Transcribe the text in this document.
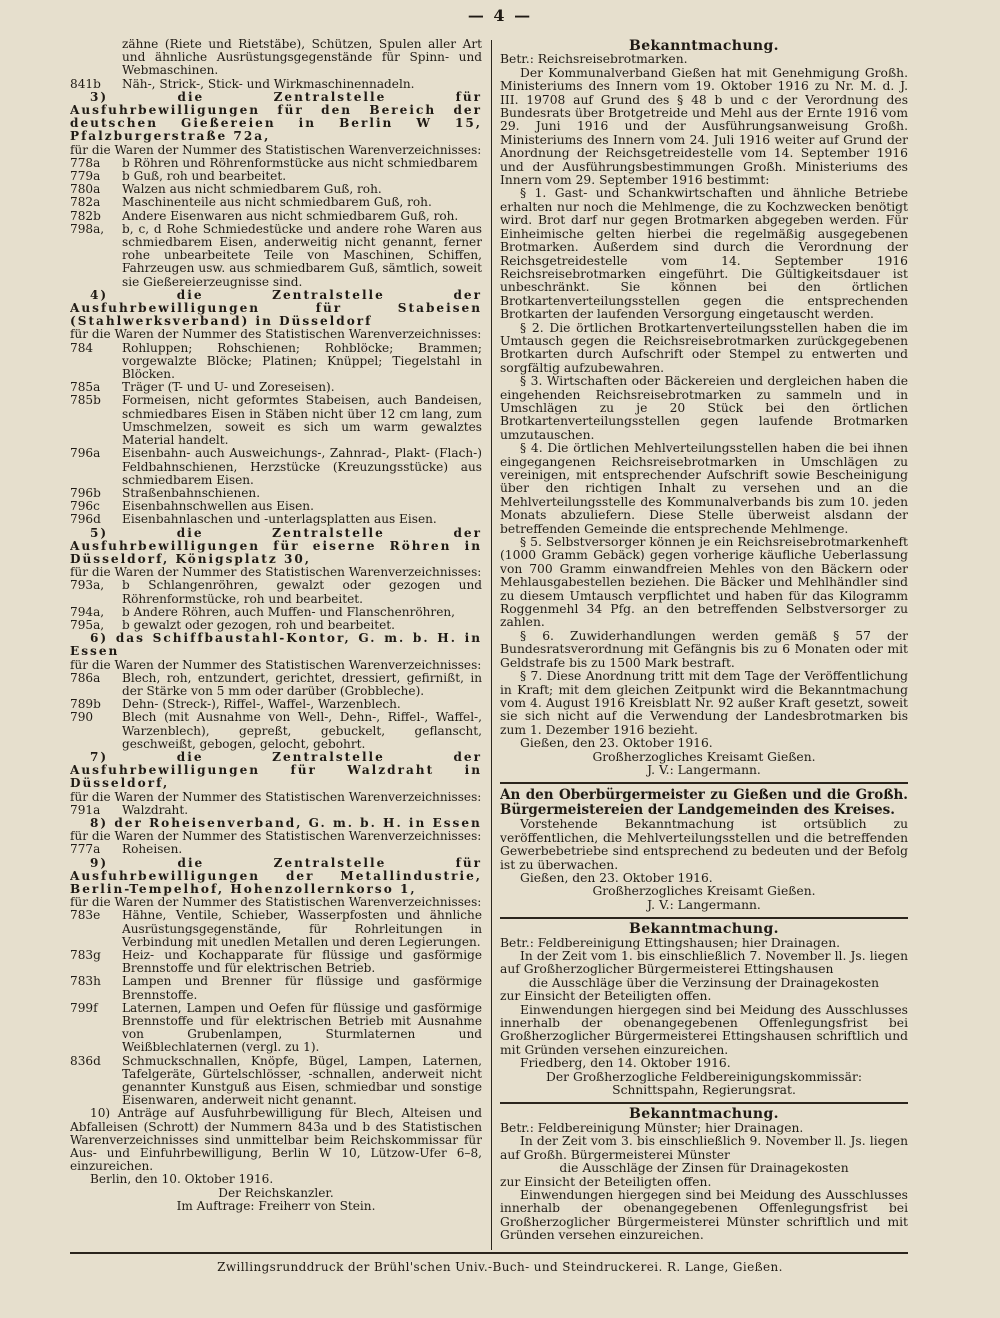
— 4 —

zähne (Riete und Rietstäbe), Schützen, Spulen aller Art und ähnliche Ausrüstungsgegenstände für Spinn- und Webmaschinen.

841b	Näh-, Strick-, Stick- und Wirkmaschinennadeln.

3) die Zentralstelle für Ausfuhrbewilligungen für den Bereich der deutschen Gießereien in Berlin W 15, Pfalzburgerstraße 72a,

für die Waren der Nummer des Statistischen Warenverzeichnisses:

778a	b Röhren und Röhrenformstücke aus nicht schmiedbarem
779a	b Guß, roh und bearbeitet.
780a	Walzen aus nicht schmiedbarem Guß, roh.
782a	Maschinenteile aus nicht schmiedbarem Guß, roh.
782b	Andere Eisenwaren aus nicht schmiedbarem Guß, roh.
798a,	b, c, d Rohe Schmiedestücke und andere rohe Waren aus schmiedbarem Eisen, anderweitig nicht genannt, ferner rohe unbearbeitete Teile von Maschinen, Schiffen, Fahrzeugen usw. aus schmiedbarem Guß, sämtlich, soweit sie Gießereierzeugnisse sind.

4) die Zentralstelle der Ausfuhrbewilligungen für Stabeisen (Stahlwerksverband) in Düsseldorf

für die Waren der Nummer des Statistischen Warenverzeichnisses:

784	Rohluppen; Rohschienen; Rohblöcke; Brammen; vorgewalzte Blöcke; Platinen; Knüppel; Tiegelstahl in Blöcken.
785a	Träger (T- und U- und Zoreseisen).
785b	Formeisen, nicht geformtes Stabeisen, auch Bandeisen, schmiedbares Eisen in Stäben nicht über 12 cm lang, zum Umschmelzen, soweit es sich um warm gewalztes Material handelt.
796a	Eisenbahn- auch Ausweichungs-, Zahnrad-, Plakt- (Flach-) Feldbahnschienen, Herzstücke (Kreuzungsstücke) aus schmiedbarem Eisen.
796b	Straßenbahnschienen.
796c	Eisenbahnschwellen aus Eisen.
796d	Eisenbahnlaschen und -unterlagsplatten aus Eisen.

5) die Zentralstelle der Ausfuhrbewilligungen für eiserne Röhren in Düsseldorf, Königsplatz 30,

für die Waren der Nummer des Statistischen Warenverzeichnisses:

793a,	b Schlangenröhren, gewalzt oder gezogen und Röhrenformstücke, roh und bearbeitet.
794a,	b Andere Röhren, auch Muffen- und Flanschenröhren,
795a,	b gewalzt oder gezogen, roh und bearbeitet.

6) das Schiffbaustahl-Kontor, G. m. b. H. in Essen

für die Waren der Nummer des Statistischen Warenverzeichnisses:

786a	Blech, roh, entzundert, gerichtet, dressiert, gefirnißt, in der Stärke von 5 mm oder darüber (Grobbleche).
789b	Dehn- (Streck-), Riffel-, Waffel-, Warzenblech.
790	Blech (mit Ausnahme von Well-, Dehn-, Riffel-, Waffel-, Warzenblech), gepreßt, gebuckelt, geflanscht, geschweißt, gebogen, gelocht, gebohrt.

7) die Zentralstelle der Ausfuhrbewilligungen für Walzdraht in Düsseldorf,

für die Waren der Nummer des Statistischen Warenverzeichnisses:

791a	Walzdraht.

8) der Roheisenverband, G. m. b. H. in Essen

für die Waren der Nummer des Statistischen Warenverzeichnisses:

777a	Roheisen.

9) die Zentralstelle für Ausfuhrbewilligungen der Metallindustrie, Berlin-Tempelhof, Hohenzollernkorso 1,

für die Waren der Nummer des Statistischen Warenverzeichnisses:

783e	Hähne, Ventile, Schieber, Wasserpfosten und ähnliche Ausrüstungsgegenstände, für Rohrleitungen in Verbindung mit unedlen Metallen und deren Legierungen.
783g	Heiz- und Kochapparate für flüssige und gasförmige Brennstoffe und für elektrischen Betrieb.
783h	Lampen und Brenner für flüssige und gasförmige Brennstoffe.
799f	Laternen, Lampen und Oefen für flüssige und gasförmige Brennstoffe und für elektrischen Betrieb mit Ausnahme von Grubenlampen, Sturmlaternen und Weißblechlaternen (vergl. zu 1).
836d	Schmuckschnallen, Knöpfe, Bügel, Lampen, Laternen, Tafelgeräte, Gürtelschlösser, -schnallen, anderweit nicht genannter Kunstguß aus Eisen, schmiedbar und sonstige Eisenwaren, anderweit nicht genannt.

10) Anträge auf Ausfuhrbewilligung für Blech, Alteisen und Abfalleisen (Schrott) der Nummern 843a und b des Statistischen Warenverzeichnisses sind unmittelbar beim Reichskommissar für Aus- und Einfuhrbewilligung, Berlin W 10, Lützow-Ufer 6–8, einzureichen.

Berlin, den 10. Oktober 1916.

Der Reichskanzler.

Im Auftrage: Freiherr von Stein.

Bekanntmachung.

Betr.: Reichsreisebrotmarken.

Der Kommunalverband Gießen hat mit Genehmigung Großh. Ministeriums des Innern vom 19. Oktober 1916 zu Nr. M. d. J. III. 19708 auf Grund des § 48 b und c der Verordnung des Bundesrats über Brotgetreide und Mehl aus der Ernte 1916 vom 29. Juni 1916 und der Ausführungsanweisung Großh. Ministeriums des Innern vom 24. Juli 1916 weiter auf Grund der Anordnung der Reichsgetreidestelle vom 14. September 1916 und der Ausführungsbestimmungen Großh. Ministeriums des Innern vom 29. September 1916 bestimmt:

§ 1. Gast- und Schankwirtschaften und ähnliche Betriebe erhalten nur noch die Mehlmenge, die zu Kochzwecken benötigt wird. Brot darf nur gegen Brotmarken abgegeben werden. Für Einheimische gelten hierbei die regelmäßig ausgegebenen Brotmarken. Außerdem sind durch die Verordnung der Reichsgetreidestelle vom 14. September 1916 Reichsreisebrotmarken eingeführt. Die Gültigkeitsdauer ist unbeschränkt. Sie können bei den örtlichen Brotkartenverteilungsstellen gegen die entsprechenden Brotkarten der laufenden Versorgung eingetauscht werden.

§ 2. Die örtlichen Brotkartenverteilungsstellen haben die im Umtausch gegen die Reichsreisebrotmarken zurückgegebenen Brotkarten durch Aufschrift oder Stempel zu entwerten und sorgfältig aufzubewahren.

§ 3. Wirtschaften oder Bäckereien und dergleichen haben die eingehenden Reichsreisebrotmarken zu sammeln und in Umschlägen zu je 20 Stück bei den örtlichen Brotkartenverteilungsstellen gegen laufende Brotmarken umzutauschen.

§ 4. Die örtlichen Mehlverteilungsstellen haben die bei ihnen eingegangenen Reichsreisebrotmarken in Umschlägen zu vereinigen, mit entsprechender Aufschrift sowie Bescheinigung über den richtigen Inhalt zu versehen und an die Mehlverteilungsstelle des Kommunalverbands bis zum 10. jeden Monats abzuliefern. Diese Stelle überweist alsdann der betreffenden Gemeinde die entsprechende Mehlmenge.

§ 5. Selbstversorger können je ein Reichsreisebrotmarkenheft (1000 Gramm Gebäck) gegen vorherige käufliche Ueberlassung von 700 Gramm einwandfreien Mehles von den Bäckern oder Mehlausgabestellen beziehen. Die Bäcker und Mehlhändler sind zu diesem Umtausch verpflichtet und haben für das Kilogramm Roggenmehl 34 Pfg. an den betreffenden Selbstversorger zu zahlen.

§ 6. Zuwiderhandlungen werden gemäß § 57 der Bundesratsverordnung mit Gefängnis bis zu 6 Monaten oder mit Geldstrafe bis zu 1500 Mark bestraft.

§ 7. Diese Anordnung tritt mit dem Tage der Veröffentlichung in Kraft; mit dem gleichen Zeitpunkt wird die Bekanntmachung vom 4. August 1916 Kreisblatt Nr. 92 außer Kraft gesetzt, soweit sie sich nicht auf die Verwendung der Landesbrotmarken bis zum 1. Dezember 1916 bezieht.

Gießen, den 23. Oktober 1916.

Großherzogliches Kreisamt Gießen.

J. V.: Langermann.

An den Oberbürgermeister zu Gießen und die Großh. Bürgermeistereien der Landgemeinden des Kreises.

Vorstehende Bekanntmachung ist ortsüblich zu veröffentlichen, die Mehlverteilungsstellen und die betreffenden Gewerbebetriebe sind entsprechend zu bedeuten und der Befolg ist zu überwachen.

Gießen, den 23. Oktober 1916.

Großherzogliches Kreisamt Gießen.

J. V.: Langermann.

Bekanntmachung.

Betr.: Feldbereinigung Ettingshausen; hier Drainagen.

In der Zeit vom 1. bis einschließlich 7. November ll. Js. liegen auf Großherzoglicher Bürgermeisterei Ettingshausen

die Ausschläge über die Verzinsung der Drainagekosten

zur Einsicht der Beteiligten offen.

Einwendungen hiergegen sind bei Meidung des Ausschlusses innerhalb der obenangegebenen Offenlegungsfrist bei Großherzoglicher Bürgermeisterei Ettingshausen schriftlich und mit Gründen versehen einzureichen.

Friedberg, den 14. Oktober 1916.

Der Großherzogliche Feldbereinigungskommissär:

Schnittspahn, Regierungsrat.

Bekanntmachung.

Betr.: Feldbereinigung Münster; hier Drainagen.

In der Zeit vom 3. bis einschließlich 9. November ll. Js. liegen auf Großh. Bürgermeisterei Münster

die Ausschläge der Zinsen für Drainagekosten

zur Einsicht der Beteiligten offen.

Einwendungen hiergegen sind bei Meidung des Ausschlusses innerhalb der obenangegebenen Offenlegungsfrist bei Großherzoglicher Bürgermeisterei Münster schriftlich und mit Gründen versehen einzureichen.

Zwillingsrunddruck der Brühl'schen Univ.-Buch- und Steindruckerei. R. Lange, Gießen.
